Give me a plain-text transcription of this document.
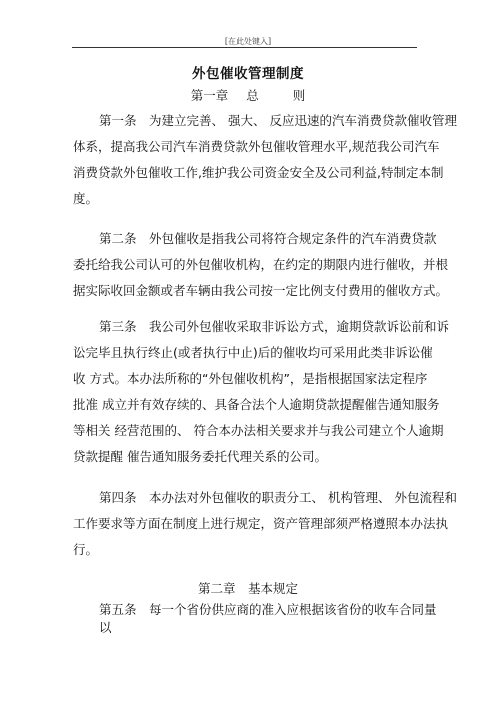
[在此处键入]
外包催收管理制度
第一章 总	则
第一条　为建立完善、 强大、 反应迅速的汽车消费贷款催收管理
体系，提高我公司汽车消费贷款外包催收管理水平,规范我公司汽车
消费贷款外包催收工作,维护我公司资金安全及公司利益,特制定本制
度。
第二条　外包催收是指我公司将符合规定条件的汽车消费贷款
委托给我公司认可的外包催收机构，在约定的期限内进行催收，并根
据实际收回金额或者车辆由我公司按一定比例支付费用的催收方式。
第三条　我公司外包催收采取非诉讼方式，逾期贷款诉讼前和诉
讼完毕且执行终止(或者执行中止)后的催收均可采用此类非诉讼催
收 方式。本办法所称的“外包催收机构”，是指根据国家法定程序
批准 成立并有效存续的、具备合法个人逾期贷款提醒催告通知服务
等相关 经营范围的、 符合本办法相关要求并与我公司建立个人逾期
贷款提醒 催告通知服务委托代理关系的公司。
第四条　本办法对外包催收的职责分工、 机构管理、 外包流程和
工作要求等方面在制度上进行规定，资产管理部须严格遵照本办法执
行。
第二章　基本规定
第五条　每一个省份供应商的准入应根据该省份的收车合同量
以
